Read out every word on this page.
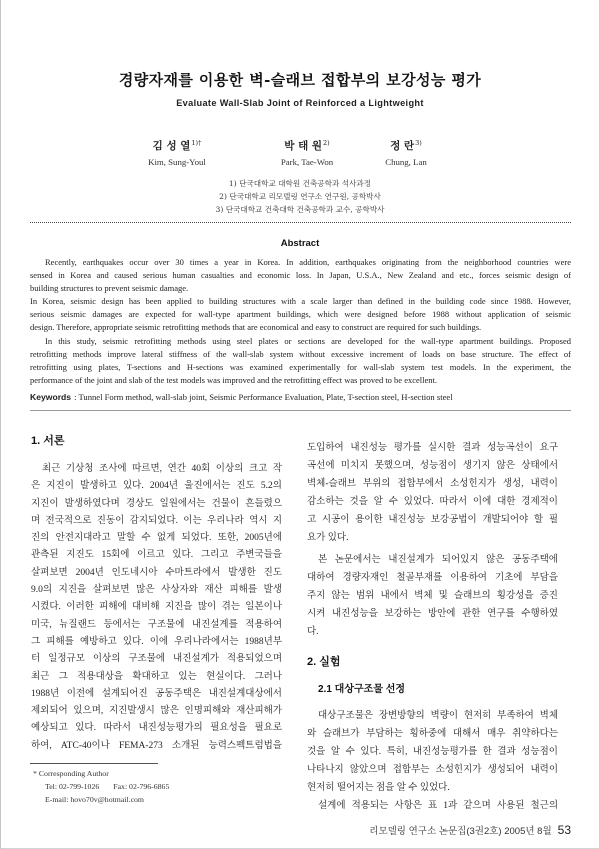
경량자재를 이용한 벽-슬래브 접합부의 보강성능 평가
Evaluate Wall-Slab Joint of Reinforced a Lightweight
김 성 열$^{1)\dagger}$
Kim, Sung-Youl
박 태 원$^{2)}$
Park, Tae-Won
정 란$^{3)}$
Chung, Lan
1) 단국대학교 대학원 건축공학과 석사과정
2) 단국대학교 리모델링 연구소 연구원, 공학박사
3) 단국대학교 건축대학 건축공학과 교수, 공학박사
Abstract
Recently, earthquakes occur over 30 times a year in Korea. In addition, earthquakes originating from the neighborhood countries were
sensed in Korea and caused serious human casualties and economic loss. In Japan, U.S.A., New Zealand and etc., forces seismic design of
building structures to prevent seismic damage.
In Korea, seismic design has been applied to building structures with a scale larger than defined in the building code since 1988. However,
serious seismic damages are expected for wall-type apartment buildings, which were designed before 1988 without application of seismic
design. Therefore, appropriate seismic retrofitting methods that are economical and easy to construct are required for such buildings.
In this study, seismic retrofitting methods using steel plates or sections are developed for the wall-type apartment buildings. Proposed
retrofitting methods improve lateral stiffness of the wall-slab system without excessive increment of loads on base structure. The effect of
retrofitting using plates, T-sections and H-sections was examined experimentally for wall-slab system test models. In the experiment, the
performance of the joint and slab of the test models was improved and the retrofitting effect was proved to be excellent.
Keywords : Tunnel Form method, wall-slab joint, Seismic Performance Evaluation, Plate, T-section steel, H-section steel
1. 서론
최근 기상청 조사에 따르면, 연간 40회 이상의 크고 작
은 지진이 발생하고 있다. 2004년 울진에서는 진도 5.2의
지진이 발생하였다며 경상도 일원에서는 건물이 흔들렸으
며 전국적으로 진동이 감지되었다. 이는 우리나라 역시 지
진의 안전지대라고 말할 수 없게 되었다. 또한, 2005년에
관측된 지진도 15회에 이르고 있다. 그리고 주변국들을
살펴보면 2004년 인도네시아 수마트라에서 발생한 진도
9.0의 지진을 살펴보면 많은 사상자와 재산 피해를 발생
시켰다. 이러한 피해에 대비해 지진을 많이 겪는 일본이나
미국, 뉴질랜드 등에서는 구조물에 내진설계를 적용하여
그 피해를 예방하고 있다. 이에 우리나라에서는 1988년부
터 일정규모 이상의 구조물에 내진설계가 적용되었으며
최근 그 적용대상을 확대하고 있는 현실이다. 그러나
1988년 이전에 설계되어진 공동주택은 내진설계대상에서
제외되어 있으며, 지진발생시 많은 인명피해와 재산피해가
예상되고 있다. 따라서 내진성능평가의 필요성을 필요로
하여, ATC-40이나 FEMA-273 소개된 능력스펙트럼법을
* Corresponding Author
Tel: 02-799-1026 Fax: 02-796-6865
E-mail: hovo70v@hotmail.com
도입하여 내진성능 평가를 실시한 결과 성능곡선이 요구
곡선에 미치지 못했으며, 성능점이 생기지 않은 상태에서
벽체-슬래브 부위의 접합부에서 소성힌지가 생성, 내력이
감소하는 것을 알 수 있었다. 따라서 이에 대한 경제적이
고 시공이 용이한 내진성능 보강공법이 개발되어야 할 필
요가 있다.
본 논문에서는 내진설계가 되어있지 않은 공동주택에
대하여 경량자재인 철골부재를 이용하여 기초에 부담을
주지 않는 범위 내에서 벽체 및 슬래브의 횡강성을 증진
시켜 내진성능을 보강하는 방안에 관한 연구를 수행하였
다.
2. 실험
2.1 대상구조물 선정
대상구조물은 장변방향의 벽량이 현저히 부족하여 벽체
와 슬래브가 부담하는 횡하중에 대해서 매우 취약하다는
것을 알 수 있다. 특히, 내진성능평가를 한 결과 성능점이
나타나지 않았으며 접합부는 소성힌지가 생성되어 내력이
현저히 떨어지는 점을 알 수 있었다.
설계에 적용되는 사항은 표 1과 같으며 사용된 철근의
리모델링 연구소 논문집(3권2호) 2005년 8월 53
